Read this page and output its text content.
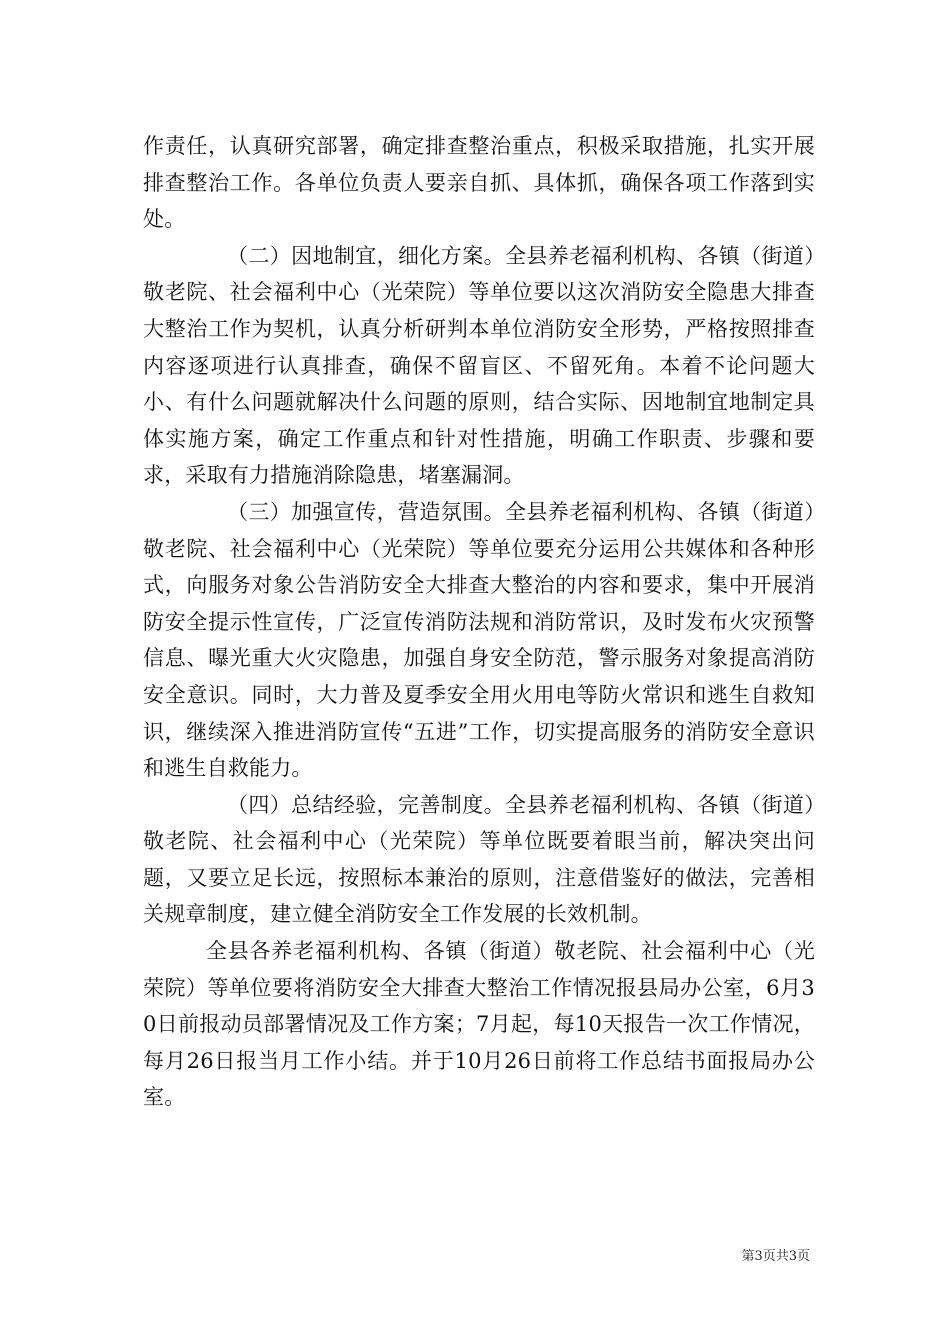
作责任，认真研究部署，确定排查整治重点，积极采取措施，扎实开展排查整治工作。各单位负责人要亲自抓、具体抓，确保各项工作落到实处。

（二）因地制宜，细化方案。全县养老福利机构、各镇（街道）敬老院、社会福利中心（光荣院）等单位要以这次消防安全隐患大排查大整治工作为契机，认真分析研判本单位消防安全形势，严格按照排查内容逐项进行认真排查，确保不留盲区、不留死角。本着不论问题大小、有什么问题就解决什么问题的原则，结合实际、因地制宜地制定具体实施方案，确定工作重点和针对性措施，明确工作职责、步骤和要求，采取有力措施消除隐患，堵塞漏洞。

（三）加强宣传，营造氛围。全县养老福利机构、各镇（街道）敬老院、社会福利中心（光荣院）等单位要充分运用公共媒体和各种形式，向服务对象公告消防安全大排查大整治的内容和要求，集中开展消防安全提示性宣传，广泛宣传消防法规和消防常识，及时发布火灾预警信息、曝光重大火灾隐患，加强自身安全防范，警示服务对象提高消防安全意识。同时，大力普及夏季安全用火用电等防火常识和逃生自救知识，继续深入推进消防宣传“五进”工作，切实提高服务的消防安全意识和逃生自救能力。

（四）总结经验，完善制度。全县养老福利机构、各镇（街道）敬老院、社会福利中心（光荣院）等单位既要着眼当前，解决突出问题，又要立足长远，按照标本兼治的原则，注意借鉴好的做法，完善相关规章制度，建立健全消防安全工作发展的长效机制。

全县各养老福利机构、各镇（街道）敬老院、社会福利中心（光荣院）等单位要将消防安全大排查大整治工作情况报县局办公室，6月30日前报动员部署情况及工作方案；7月起，每10天报告一次工作情况，每月26日报当月工作小结。并于10月26日前将工作总结书面报局办公室。

第3页共3页
